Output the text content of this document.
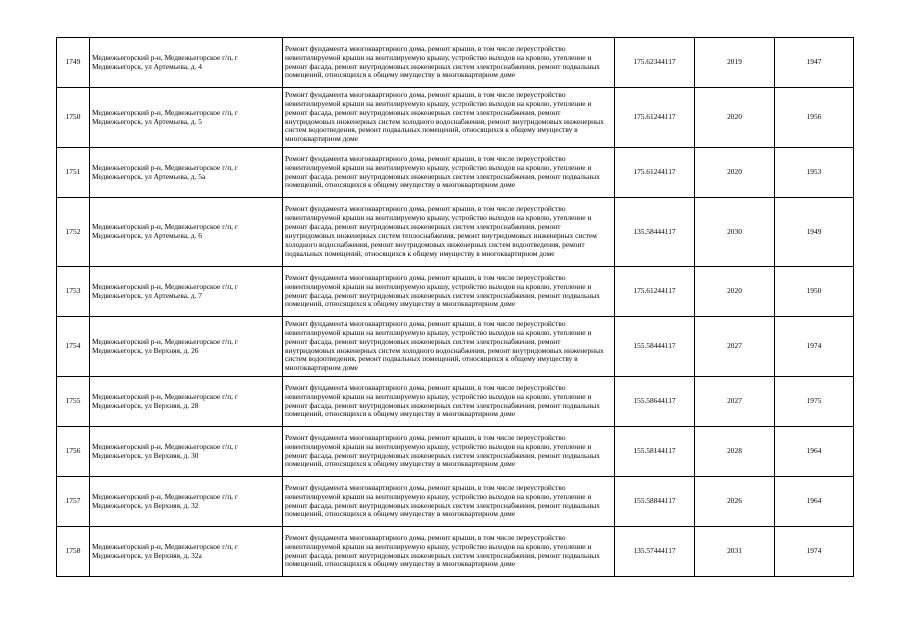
1749	Медвежьегорский р-н, Медвежьегорское г/п, г Медвежьегорск, ул Артемьева, д. 4	Ремонт фундамента многоквартирного дома, ремонт крыши, в том числе переустройство невентилируемой крыши на вентилируемую крышу, устройство выходов на кровлю, утепление и ремонт фасада, ремонт внутридомовых инженерных систем электроснабжения, ремонт подвальных помещений, относящихся к общему имуществу в многоквартирном доме	175.62344117	2019	1947
1750	Медвежьегорский р-н, Медвежьегорское г/п, г Медвежьегорск, ул Артемьева, д. 5	Ремонт фундамента многоквартирного дома, ремонт крыши, в том числе переустройство невентилируемой крыши на вентилируемую крышу, устройство выходов на кровлю, утепление и ремонт фасада, ремонт внутридомовых инженерных систем электроснабжения, ремонт внутридомовых инженерных систем холодного водоснабжения, ремонт внутридомовых инженерных систем водоотведения, ремонт подвальных помещений, относящихся к общему имуществу в многоквартирном доме	175.61244117	2020	1956
1751	Медвежьегорский р-н, Медвежьегорское г/п, г Медвежьегорск, ул Артемьева, д. 5а	Ремонт фундамента многоквартирного дома, ремонт крыши, в том числе переустройство невентилируемой крыши на вентилируемую крышу, устройство выходов на кровлю, утепление и ремонт фасада, ремонт внутридомовых инженерных систем электроснабжения, ремонт подвальных помещений, относящихся к общему имуществу в многоквартирном доме	175.61244117	2020	1953
1752	Медвежьегорский р-н, Медвежьегорское г/п, г Медвежьегорск, ул Артемьева, д. 6	Ремонт фундамента многоквартирного дома, ремонт крыши, в том числе переустройство невентилируемой крыши на вентилируемую крышу, устройство выходов на кровлю, утепление и ремонт фасада, ремонт внутридомовых инженерных систем электроснабжения, ремонт внутридомовых инженерных систем теплоснабжения, ремонт внутридомовых инженерных систем холодного водоснабжения, ремонт внутридомовых инженерных систем водоотведения, ремонт подвальных помещений, относящихся к общему имуществу в многоквартирном доме	135.58444117	2030	1949
1753	Медвежьегорский р-н, Медвежьегорское г/п, г Медвежьегорск, ул Артемьева, д. 7	Ремонт фундамента многоквартирного дома, ремонт крыши, в том числе переустройство невентилируемой крыши на вентилируемую крышу, устройство выходов на кровлю, утепление и ремонт фасада, ремонт внутридомовых инженерных систем электроснабжения, ремонт подвальных помещений, относящихся к общему имуществу в многоквартирном доме	175.61244117	2020	1950
1754	Медвежьегорский р-н, Медвежьегорское г/п, г Медвежьегорск, ул Верхняя, д. 26	Ремонт фундамента многоквартирного дома, ремонт крыши, в том числе переустройство невентилируемой крыши на вентилируемую крышу, устройство выходов на кровлю, утепление и ремонт фасада, ремонт внутридомовых инженерных систем электроснабжения, ремонт внутридомовых инженерных систем холодного водоснабжения, ремонт внутридомовых инженерных систем водоотведения, ремонт подвальных помещений, относящихся к общему имуществу в многоквартирном доме	155.58444117	2027	1974
1755	Медвежьегорский р-н, Медвежьегорское г/п, г Медвежьегорск, ул Верхняя, д. 28	Ремонт фундамента многоквартирного дома, ремонт крыши, в том числе переустройство невентилируемой крыши на вентилируемую крышу, устройство выходов на кровлю, утепление и ремонт фасада, ремонт внутридомовых инженерных систем электроснабжения, ремонт подвальных помещений, относящихся к общему имуществу в многоквартирном доме	155.58644117	2027	1975
1756	Медвежьегорский р-н, Медвежьегорское г/п, г Медвежьегорск, ул Верхняя, д. 30	Ремонт фундамента многоквартирного дома, ремонт крыши, в том числе переустройство невентилируемой крыши на вентилируемую крышу, устройство выходов на кровлю, утепление и ремонт фасада, ремонт внутридомовых инженерных систем электроснабжения, ремонт подвальных помещений, относящихся к общему имуществу в многоквартирном доме	155.58144117	2028	1964
1757	Медвежьегорский р-н, Медвежьегорское г/п, г Медвежьегорск, ул Верхняя, д. 32	Ремонт фундамента многоквартирного дома, ремонт крыши, в том числе переустройство невентилируемой крыши на вентилируемую крышу, устройство выходов на кровлю, утепление и ремонт фасада, ремонт внутридомовых инженерных систем электроснабжения, ремонт подвальных помещений, относящихся к общему имуществу в многоквартирном доме	155.58844117	2026	1964
1758	Медвежьегорский р-н, Медвежьегорское г/п, г Медвежьегорск, ул Верхняя, д. 32а	Ремонт фундамента многоквартирного дома, ремонт крыши, в том числе переустройство невентилируемой крыши на вентилируемую крышу, устройство выходов на кровлю, утепление и ремонт фасада, ремонт внутридомовых инженерных систем электроснабжения, ремонт подвальных помещений, относящихся к общему имуществу в многоквартирном доме	135.57444117	2031	1974
